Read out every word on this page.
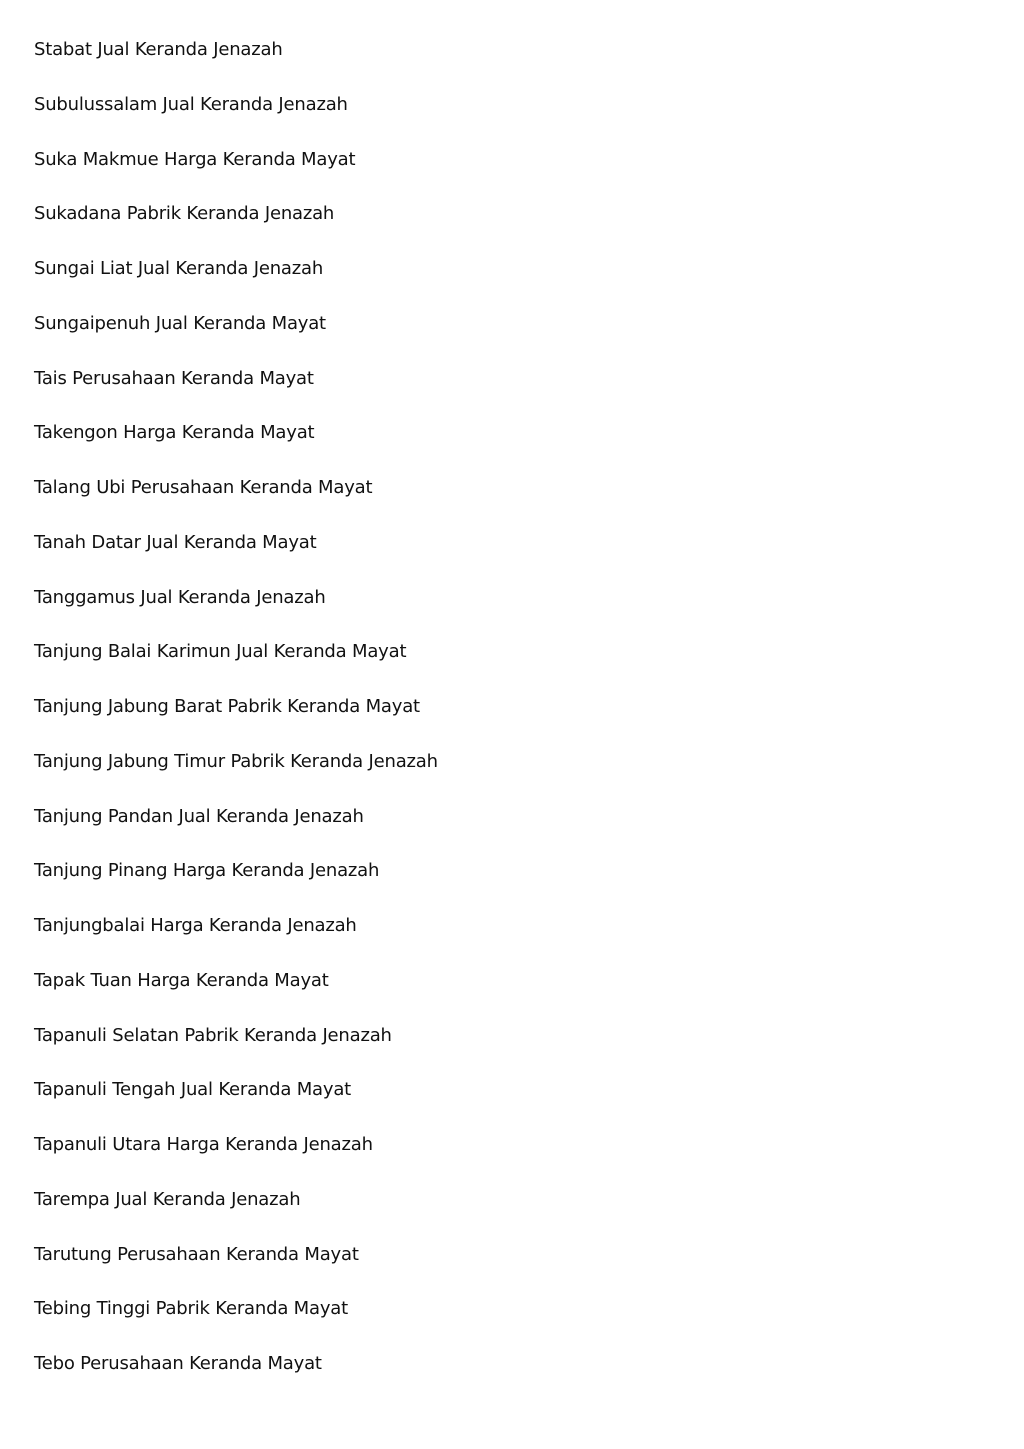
Stabat Jual Keranda Jenazah
Subulussalam Jual Keranda Jenazah
Suka Makmue Harga Keranda Mayat
Sukadana Pabrik Keranda Jenazah
Sungai Liat Jual Keranda Jenazah
Sungaipenuh Jual Keranda Mayat
Tais Perusahaan Keranda Mayat
Takengon Harga Keranda Mayat
Talang Ubi Perusahaan Keranda Mayat
Tanah Datar Jual Keranda Mayat
Tanggamus Jual Keranda Jenazah
Tanjung Balai Karimun Jual Keranda Mayat
Tanjung Jabung Barat Pabrik Keranda Mayat
Tanjung Jabung Timur Pabrik Keranda Jenazah
Tanjung Pandan Jual Keranda Jenazah
Tanjung Pinang Harga Keranda Jenazah
Tanjungbalai Harga Keranda Jenazah
Tapak Tuan Harga Keranda Mayat
Tapanuli Selatan Pabrik Keranda Jenazah
Tapanuli Tengah Jual Keranda Mayat
Tapanuli Utara Harga Keranda Jenazah
Tarempa Jual Keranda Jenazah
Tarutung Perusahaan Keranda Mayat
Tebing Tinggi Pabrik Keranda Mayat
Tebo Perusahaan Keranda Mayat
